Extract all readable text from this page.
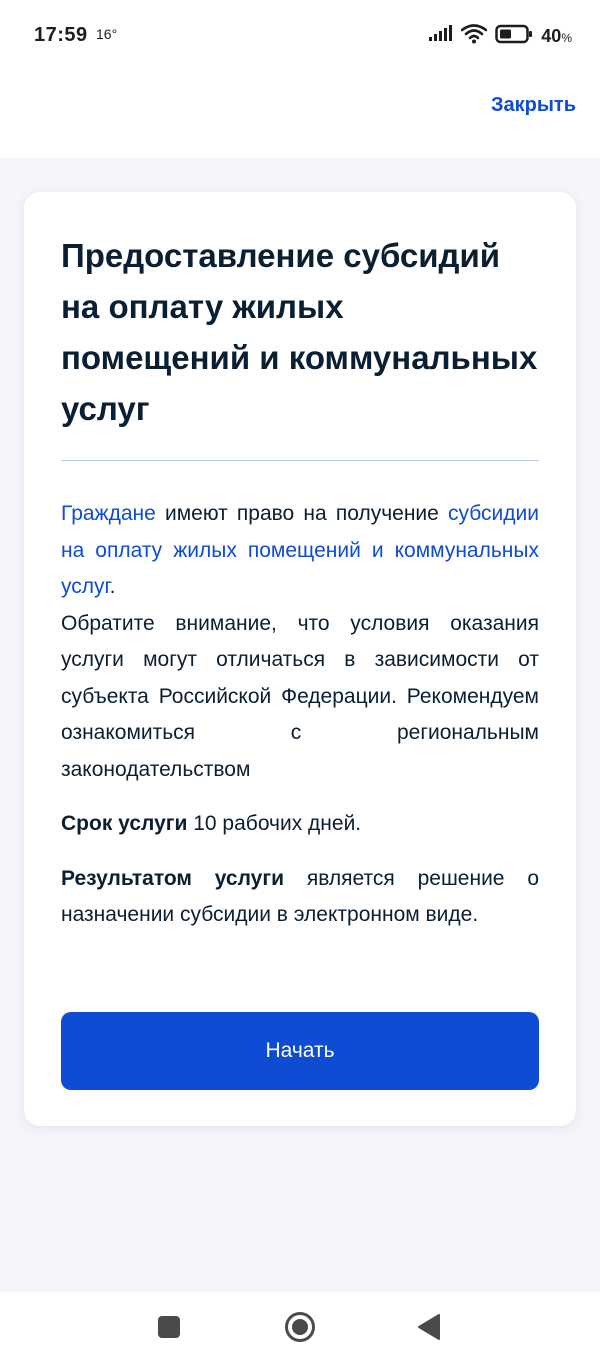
17:59 16°	40%
Закрыть
Предоставление субсидий на оплату жилых помещений и коммунальных услуг

Граждане имеют право на получение субсидии на оплату жилых помещений и коммунальных услуг.

Обратите внимание, что условия оказания услуги могут отличаться в зависимости от субъекта Российской Федерации. Рекомендуем ознакомиться с региональным законодательством

Срок услуги 10 рабочих дней.

Результатом услуги является решение о назначении субсидии в электронном виде.

Начать
